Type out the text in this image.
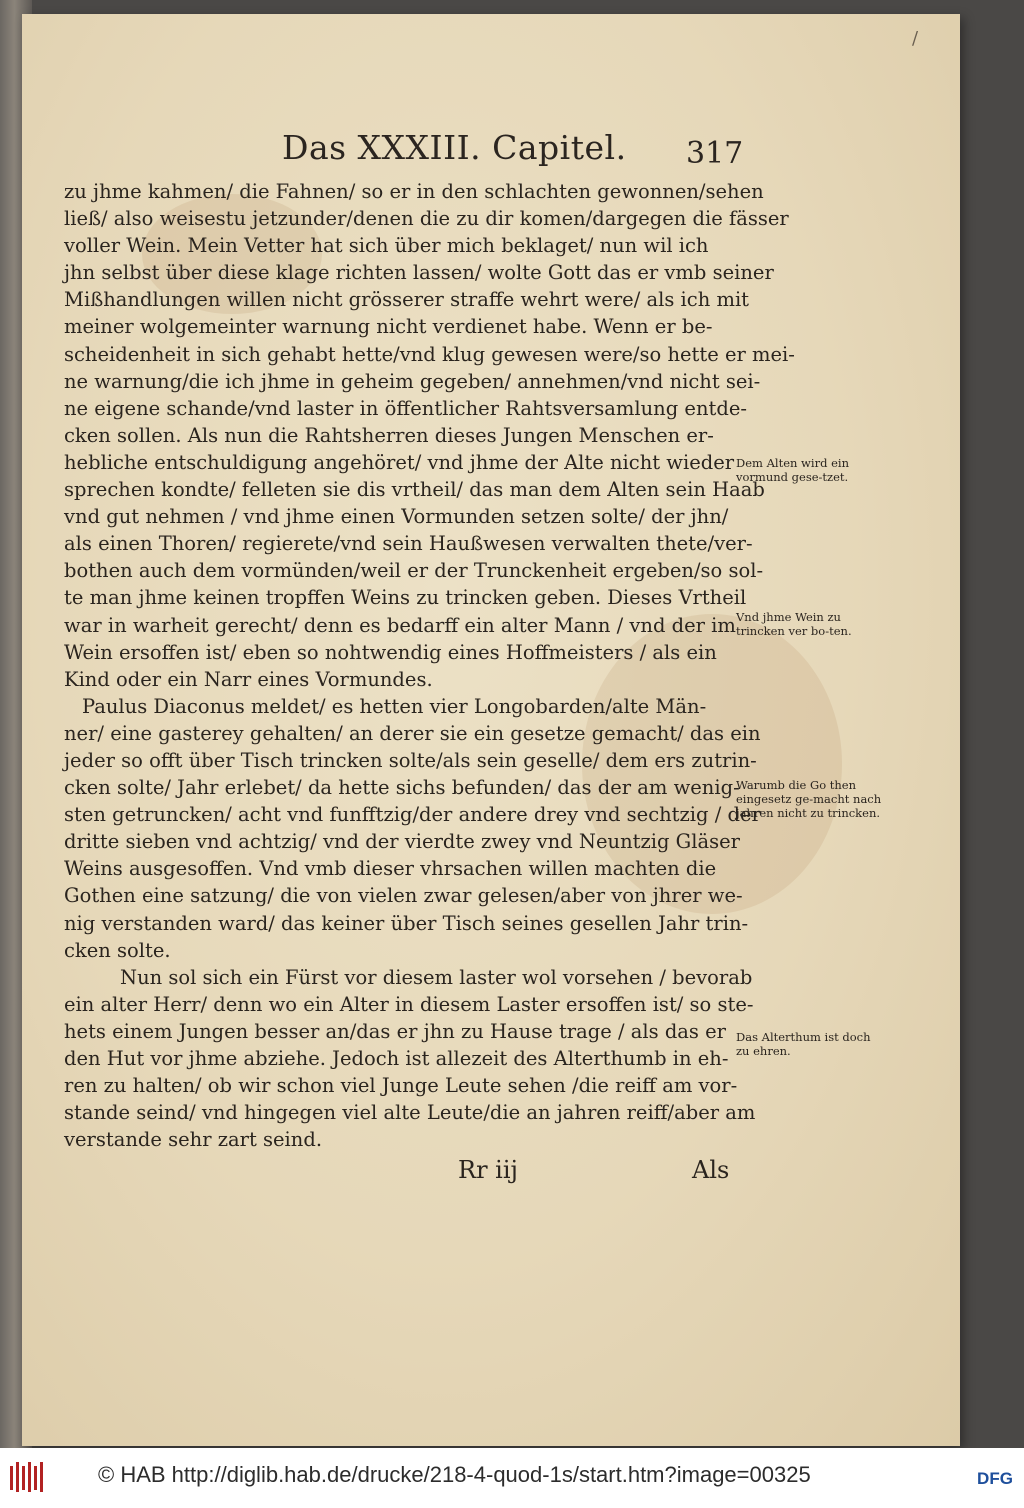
/
Das XXXIII. Capitel. 317
zu jhme kahmen/ die Fahnen/ so er in den schlachten gewonnen/sehen
ließ/ also weisestu jetzunder/denen die zu dir komen/dargegen die fässer
voller Wein. Mein Vetter hat sich über mich beklaget/ nun wil ich
jhn selbst über diese klage richten lassen/ wolte Gott das er vmb seiner
Mißhandlungen willen nicht grösserer straffe wehrt were/ als ich mit
meiner wolgemeinter warnung nicht verdienet habe. Wenn er be-
scheidenheit in sich gehabt hette/vnd klug gewesen were/so hette er mei-
ne warnung/die ich jhme in geheim gegeben/ annehmen/vnd nicht sei-
ne eigene schande/vnd laster in öffentlicher Rahtsversamlung entde-
cken sollen. Als nun die Rahtsherren dieses Jungen Menschen er-
hebliche entschuldigung angehöret/ vnd jhme der Alte nicht wieder
sprechen kondte/ felleten sie dis vrtheil/ das man dem Alten sein Haab
vnd gut nehmen / vnd jhme einen Vormunden setzen solte/ der jhn/
als einen Thoren/ regierete/vnd sein Haußwesen verwalten thete/ver-
bothen auch dem vormünden/weil er der Trunckenheit ergeben/so sol-
te man jhme keinen tropffen Weins zu trincken geben. Dieses Vrtheil
war in warheit gerecht/ denn es bedarff ein alter Mann / vnd der im
Wein ersoffen ist/ eben so nohtwendig eines Hoffmeisters / als ein
Kind oder ein Narr eines Vormundes.
Paulus Diaconus meldet/ es hetten vier Longobarden/alte Män-
ner/ eine gasterey gehalten/ an derer sie ein gesetze gemacht/ das ein
jeder so offt über Tisch trincken solte/als sein geselle/ dem ers zutrin-
cken solte/ Jahr erlebet/ da hette sichs befunden/ das der am wenig-
sten getruncken/ acht vnd funfftzig/der andere drey vnd sechtzig / der
dritte sieben vnd achtzig/ vnd der vierdte zwey vnd Neuntzig Gläser
Weins ausgesoffen. Vnd vmb dieser vhrsachen willen machten die
Gothen eine satzung/ die von vielen zwar gelesen/aber von jhrer we-
nig verstanden ward/ das keiner über Tisch seines gesellen Jahr trin-
cken solte.
Nun sol sich ein Fürst vor diesem laster wol vorsehen / bevorab
ein alter Herr/ denn wo ein Alter in diesem Laster ersoffen ist/ so ste-
hets einem Jungen besser an/das er jhn zu Hause trage / als das er
den Hut vor jhme abziehe. Jedoch ist allezeit des Alterthumb in eh-
ren zu halten/ ob wir schon viel Junge Leute sehen /die reiff am vor-
stande seind/ vnd hingegen viel alte Leute/die an jahren reiff/aber am
verstande sehr zart seind.
Dem Alten wird ein vormund gese-tzet.
Vnd jhme Wein zu trincken ver bo-ten.
Warumb die Go then eingesetz ge-macht nach jahren nicht zu trincken.
Das Alterthum ist doch zu ehren.
Rr iij	Als
© HAB http://diglib.hab.de/drucke/218-4-quod-1s/start.htm?image=00325	DFG
